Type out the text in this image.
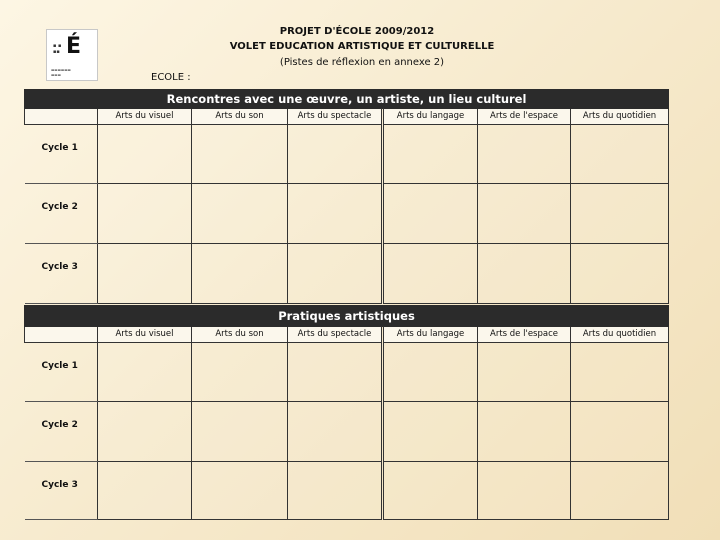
▪ ▪
▪▪ É
▬▬▬▬▬▬
▬▬▬
PROJET D'ÉCOLE 2009/2012
VOLET EDUCATION ARTISTIQUE ET CULTURELLE
(Pistes de réflexion en annexe 2)
ECOLE :
Rencontres avec une œuvre, un artiste, un lieu culturel						
	Arts du visuel	Arts du son	Arts du spectacle	Arts du langage	Arts de l'espace	Arts du quotidien
Cycle 1						
Cycle 2						
Cycle 3						
Pratiques artistiques						
	Arts du visuel	Arts du son	Arts du spectacle	Arts du langage	Arts de l'espace	Arts du quotidien
Cycle 1						
Cycle 2						
Cycle 3						
